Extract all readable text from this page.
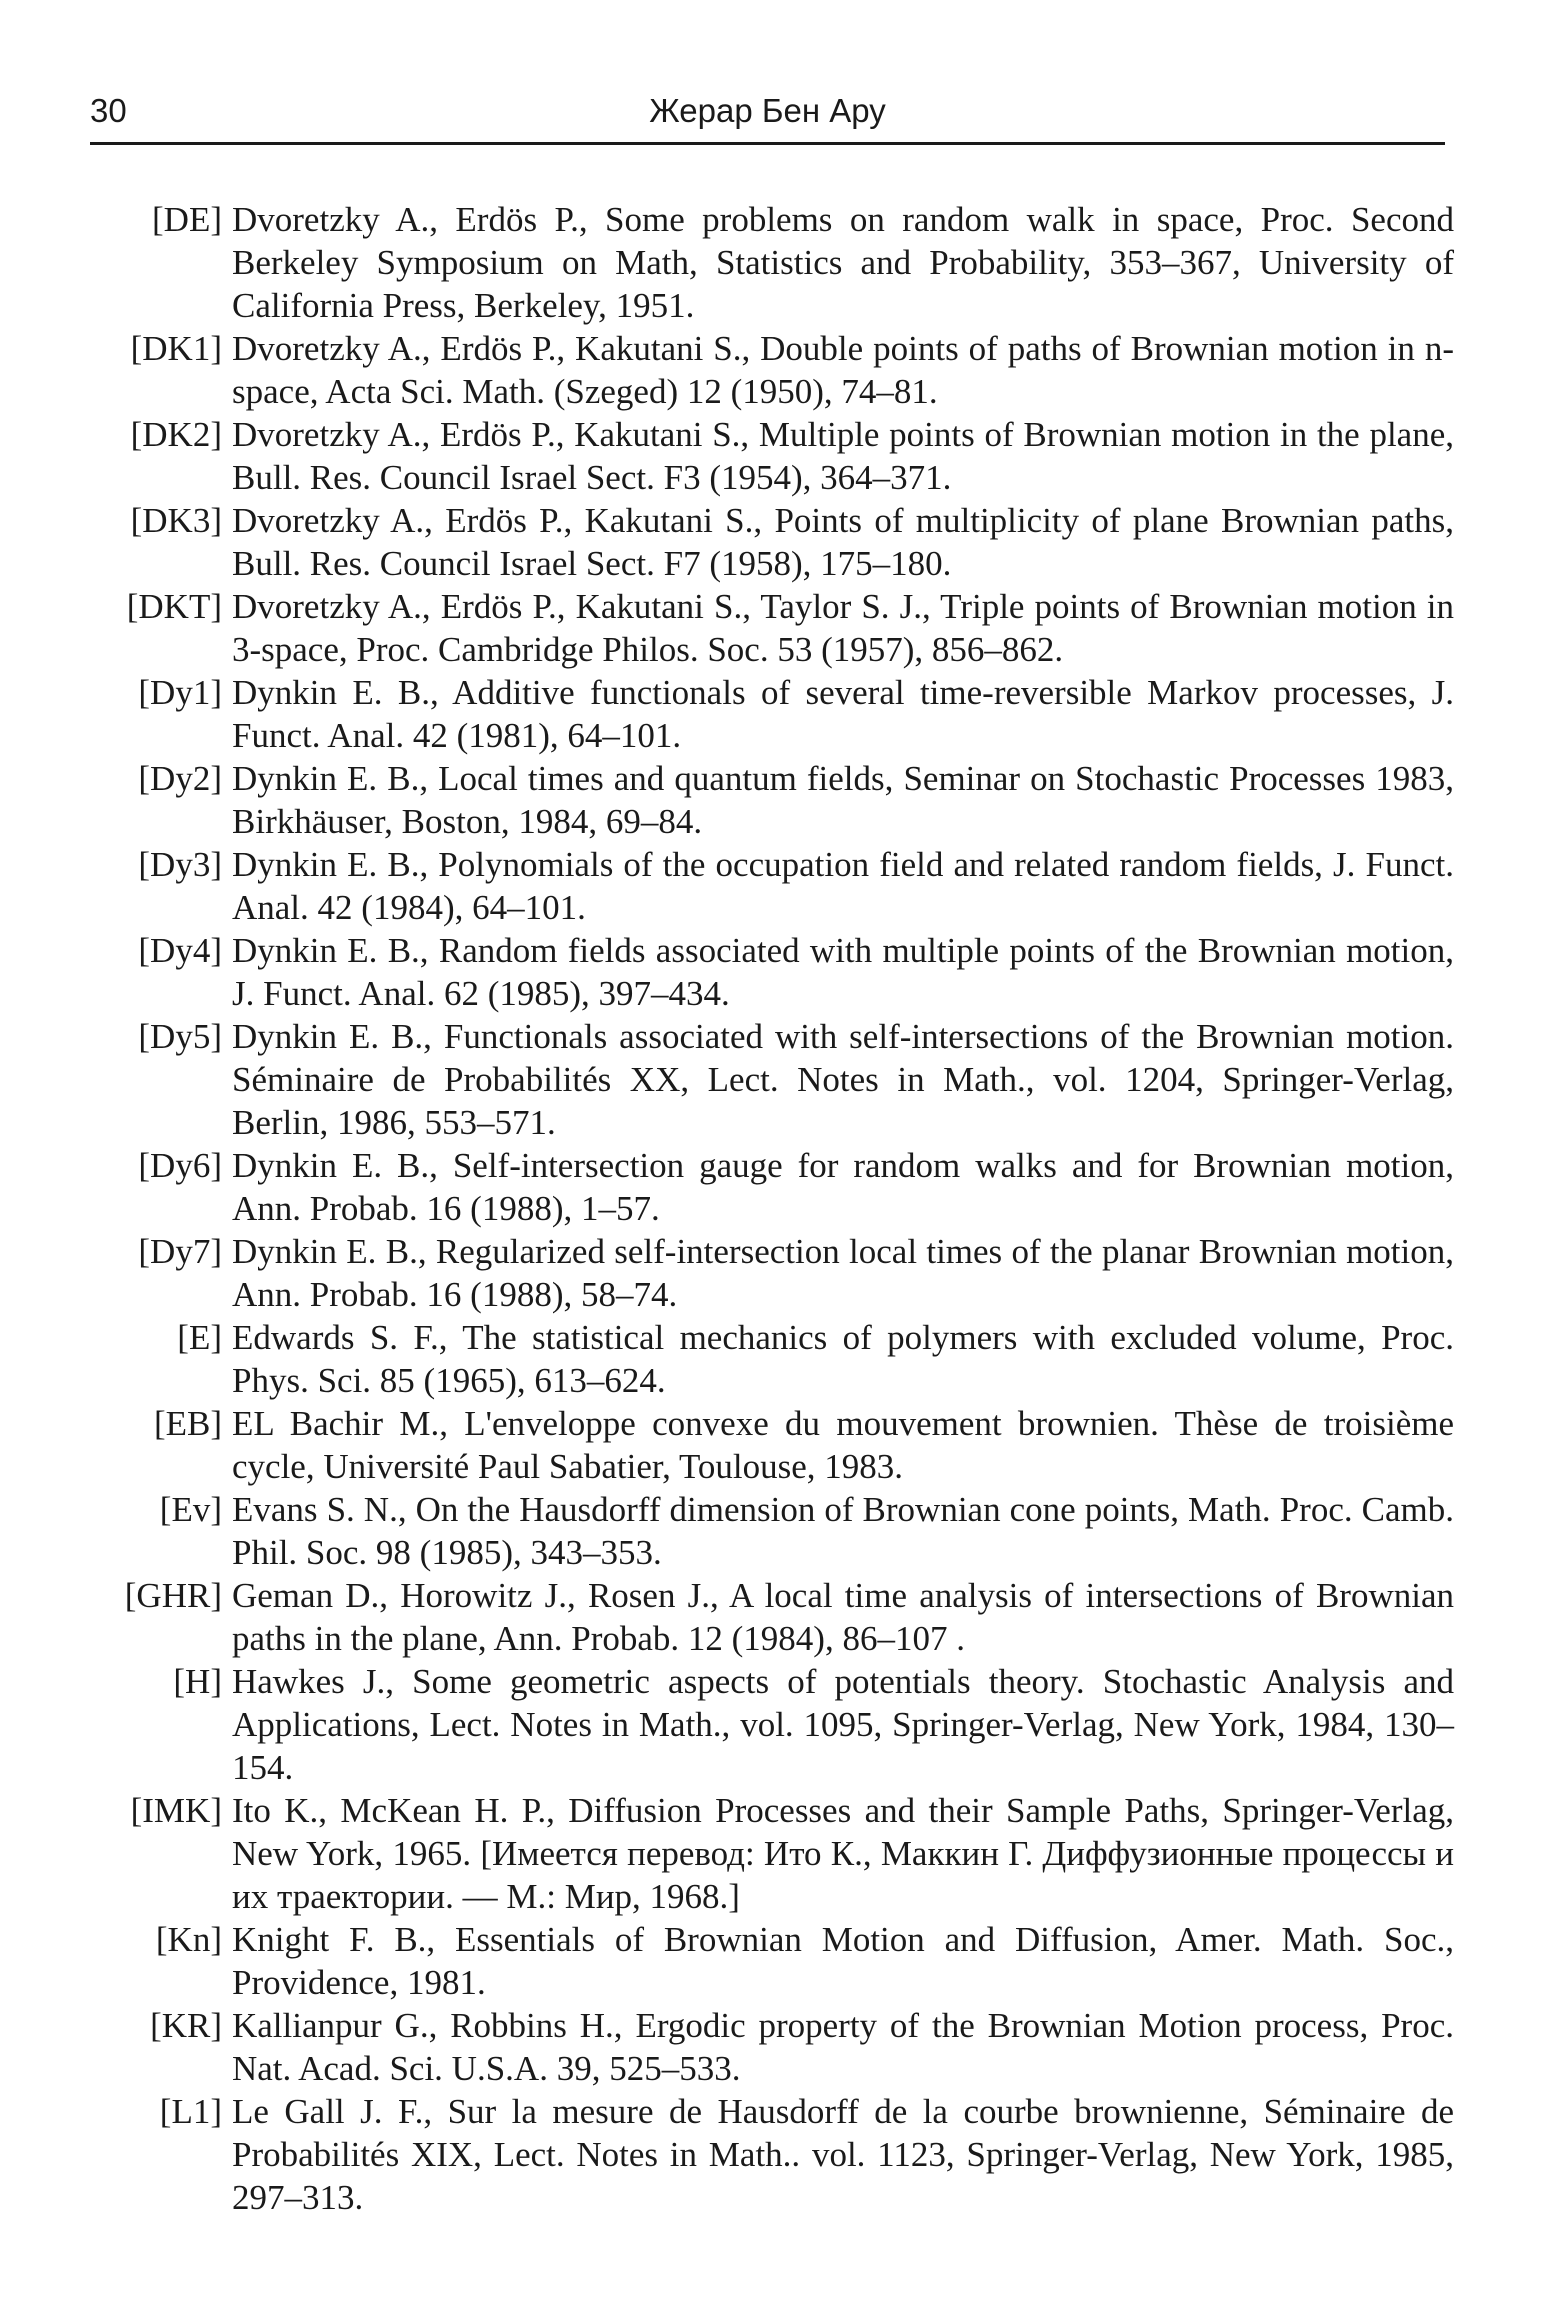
30	Жерар Бен Ару
[DE] Dvoretzky A., Erdös P., Some problems on random walk in space, Proc. Second Berkeley Symposium on Math, Statistics and Probability, 353–367, University of California Press, Berkeley, 1951.
[DK1] Dvoretzky A., Erdös P., Kakutani S., Double points of paths of Brownian motion in n-space, Acta Sci. Math. (Szeged) 12 (1950), 74–81.
[DK2] Dvoretzky A., Erdös P., Kakutani S., Multiple points of Brownian motion in the plane, Bull. Res. Council Israel Sect. F3 (1954), 364–371.
[DK3] Dvoretzky A., Erdös P., Kakutani S., Points of multiplicity of plane Brownian paths, Bull. Res. Council Israel Sect. F7 (1958), 175–180.
[DKT] Dvoretzky A., Erdös P., Kakutani S., Taylor S. J., Triple points of Brownian motion in 3-space, Proc. Cambridge Philos. Soc. 53 (1957), 856–862.
[Dy1] Dynkin E. B., Additive functionals of several time-reversible Markov processes, J. Funct. Anal. 42 (1981), 64–101.
[Dy2] Dynkin E. B., Local times and quantum fields, Seminar on Stochastic Processes 1983, Birkhäuser, Boston, 1984, 69–84.
[Dy3] Dynkin E. B., Polynomials of the occupation field and related random fields, J. Funct. Anal. 42 (1984), 64–101.
[Dy4] Dynkin E. B., Random fields associated with multiple points of the Brownian motion, J. Funct. Anal. 62 (1985), 397–434.
[Dy5] Dynkin E. B., Functionals associated with self-intersections of the Brownian motion. Séminaire de Probabilités XX, Lect. Notes in Math., vol. 1204, Springer-Verlag, Berlin, 1986, 553–571.
[Dy6] Dynkin E. B., Self-intersection gauge for random walks and for Brownian motion, Ann. Probab. 16 (1988), 1–57.
[Dy7] Dynkin E. B., Regularized self-intersection local times of the planar Brownian motion, Ann. Probab. 16 (1988), 58–74.
[E] Edwards S. F., The statistical mechanics of polymers with excluded volume, Proc. Phys. Sci. 85 (1965), 613–624.
[EB] EL Bachir M., L'enveloppe convexe du mouvement brownien. Thèse de troisième cycle, Université Paul Sabatier, Toulouse, 1983.
[Ev] Evans S. N., On the Hausdorff dimension of Brownian cone points, Math. Proc. Camb. Phil. Soc. 98 (1985), 343–353.
[GHR] Geman D., Horowitz J., Rosen J., A local time analysis of intersections of Brownian paths in the plane, Ann. Probab. 12 (1984), 86–107 .
[H] Hawkes J., Some geometric aspects of potentials theory. Stochastic Analysis and Applications, Lect. Notes in Math., vol. 1095, Springer-Verlag, New York, 1984, 130–154.
[IMK] Ito K., McKean H. P., Diffusion Processes and their Sample Paths, Springer-Verlag, New York, 1965. [Имеется перевод: Ито К., Маккин Г. Диффузионные процессы и их траектории. — М.: Мир, 1968.]
[Kn] Knight F. B., Essentials of Brownian Motion and Diffusion, Amer. Math. Soc., Providence, 1981.
[KR] Kallianpur G., Robbins H., Ergodic property of the Brownian Motion process, Proc. Nat. Acad. Sci. U.S.A. 39, 525–533.
[L1] Le Gall J. F., Sur la mesure de Hausdorff de la courbe brownienne, Séminaire de Probabilités XIX, Lect. Notes in Math.. vol. 1123, Springer-Verlag, New York, 1985, 297–313.
